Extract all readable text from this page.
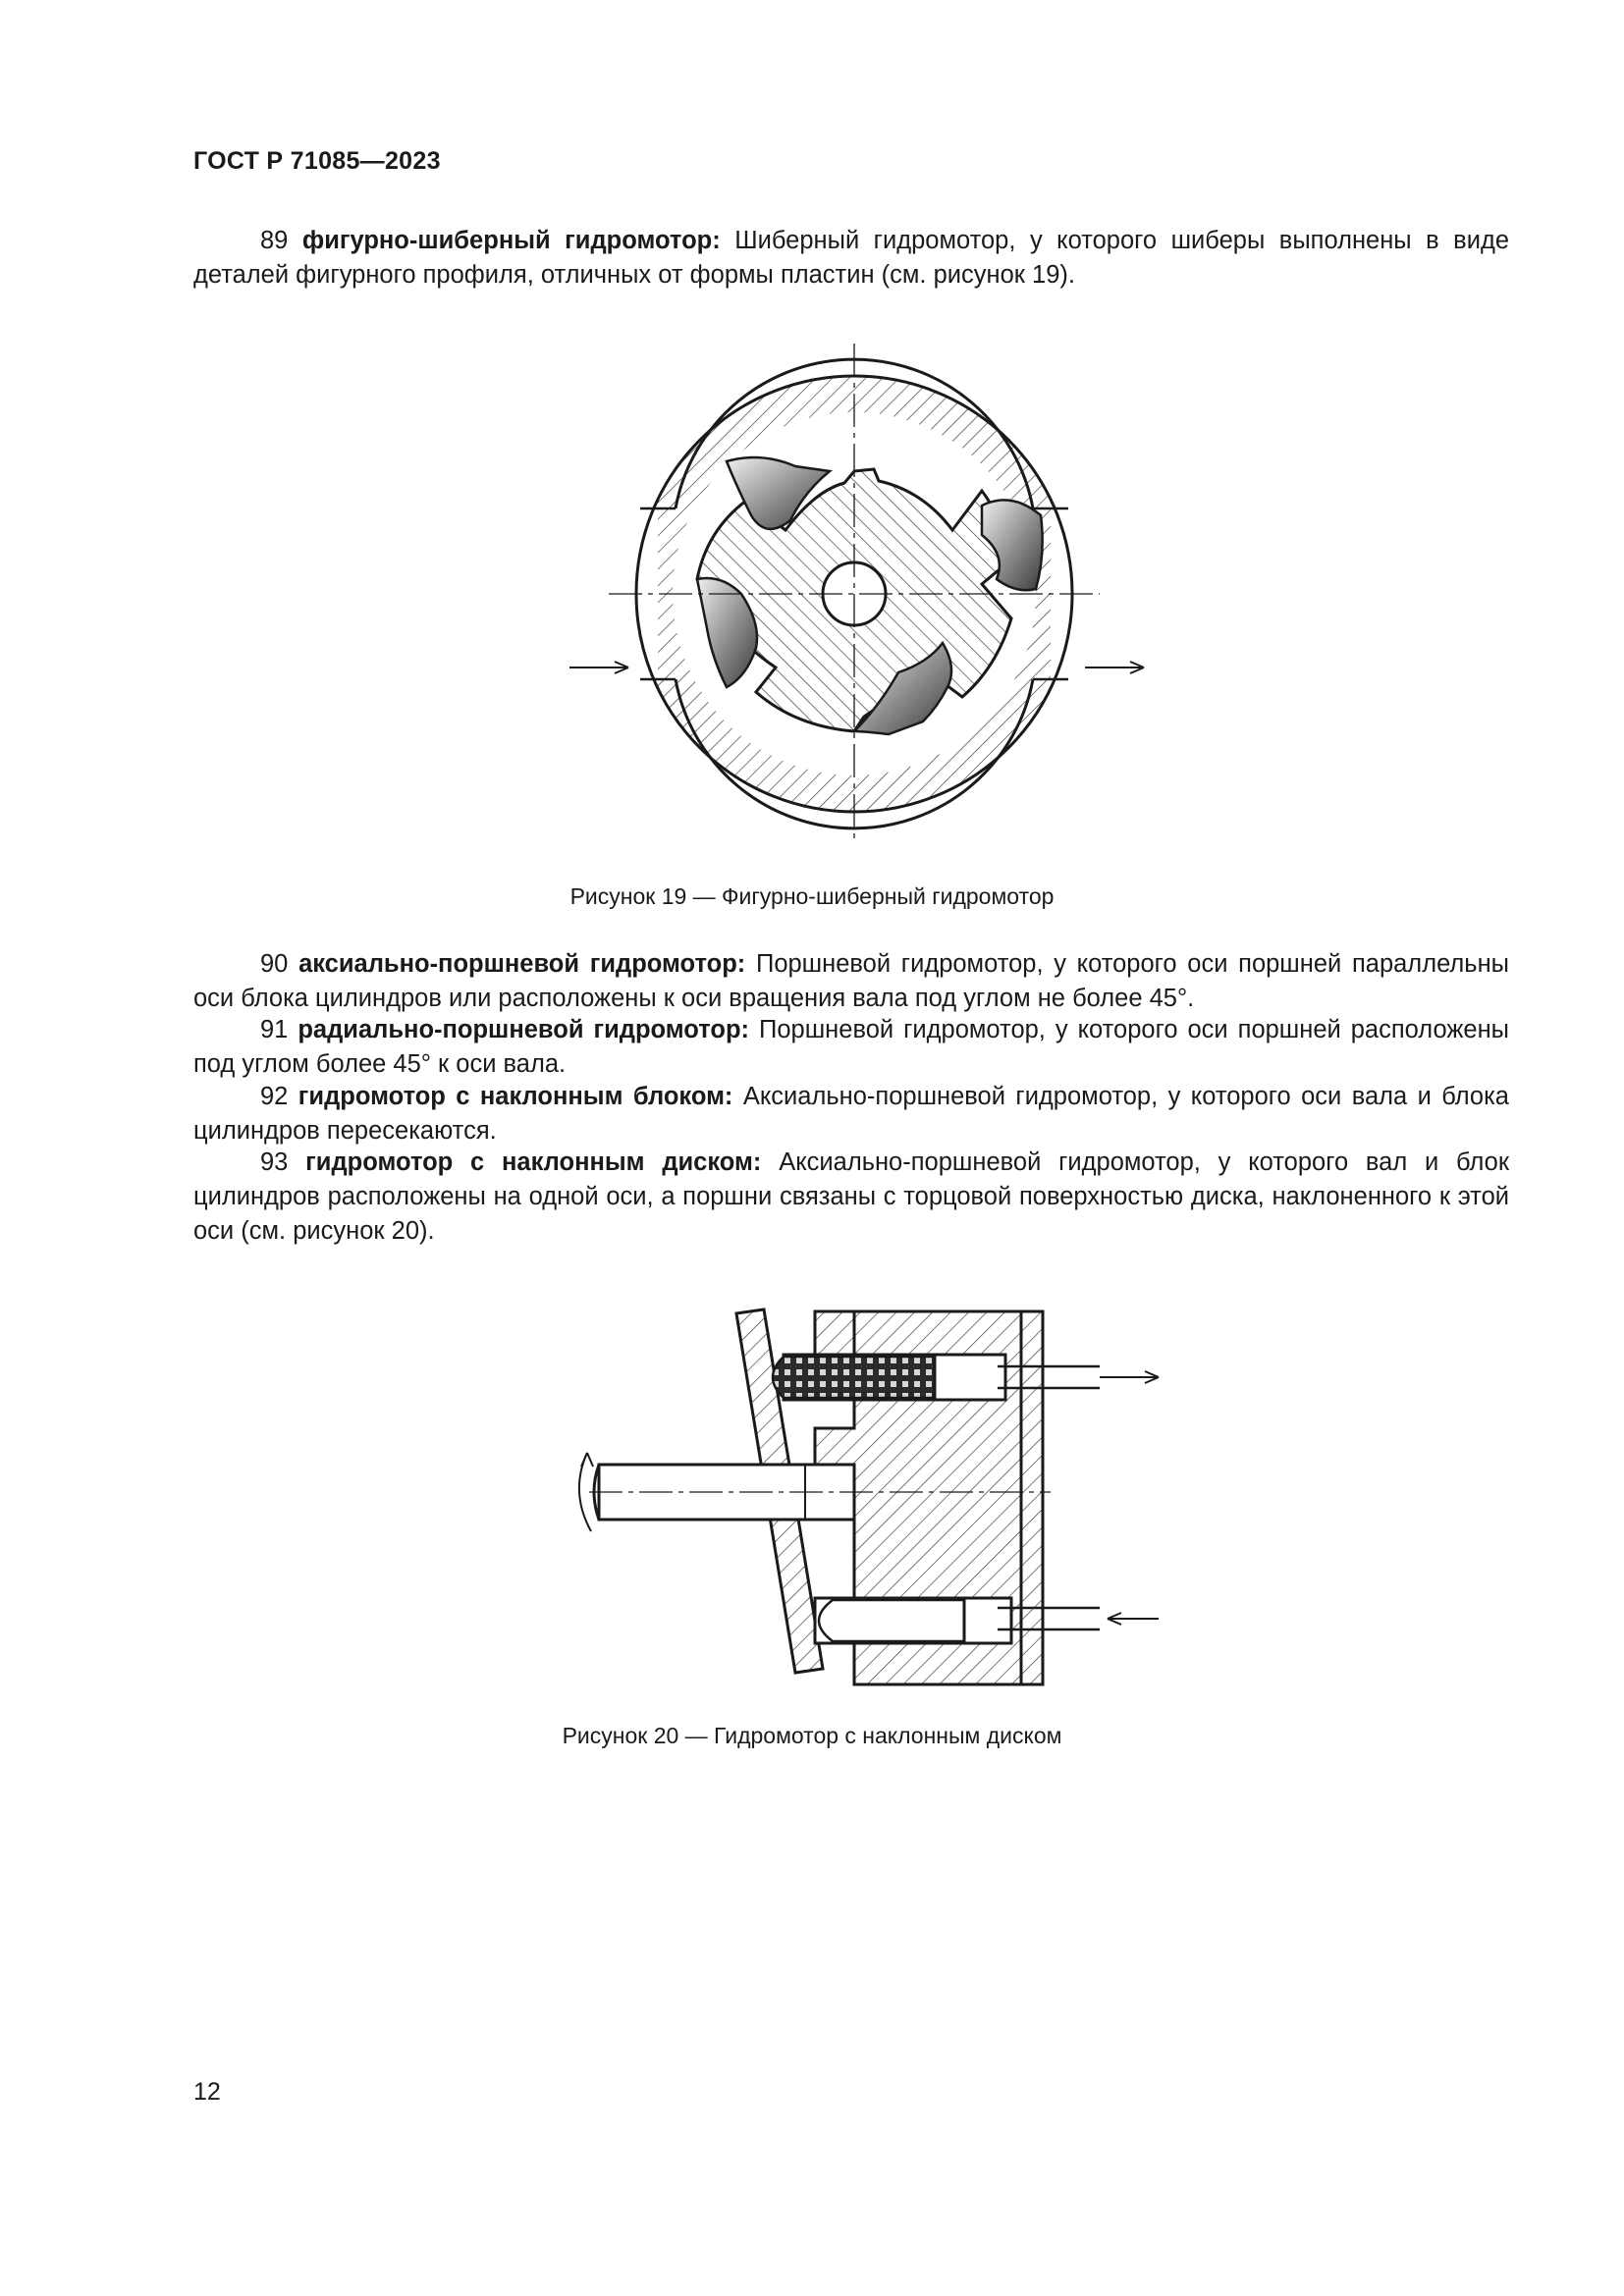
ГОСТ Р 71085—2023
89 фигурно-шиберный гидромотор: Шиберный гидромотор, у которого шиберы выполнены в виде деталей фигурного профиля, отличных от формы пластин (см. рисунок 19).
Рисунок 19 — Фигурно-шиберный гидромотор
90 аксиально-поршневой гидромотор: Поршневой гидромотор, у которого оси поршней параллельны оси блока цилиндров или расположены к оси вращения вала под углом не более 45°.
91 радиально-поршневой гидромотор: Поршневой гидромотор, у которого оси поршней расположены под углом более 45° к оси вала.
92 гидромотор с наклонным блоком: Аксиально-поршневой гидромотор, у которого оси вала и блока цилиндров пересекаются.
93 гидромотор с наклонным диском: Аксиально-поршневой гидромотор, у которого вал и блок цилиндров расположены на одной оси, а поршни связаны с торцовой поверхностью диска, наклоненного к этой оси (см. рисунок 20).
Рисунок 20 — Гидромотор с наклонным диском
12
